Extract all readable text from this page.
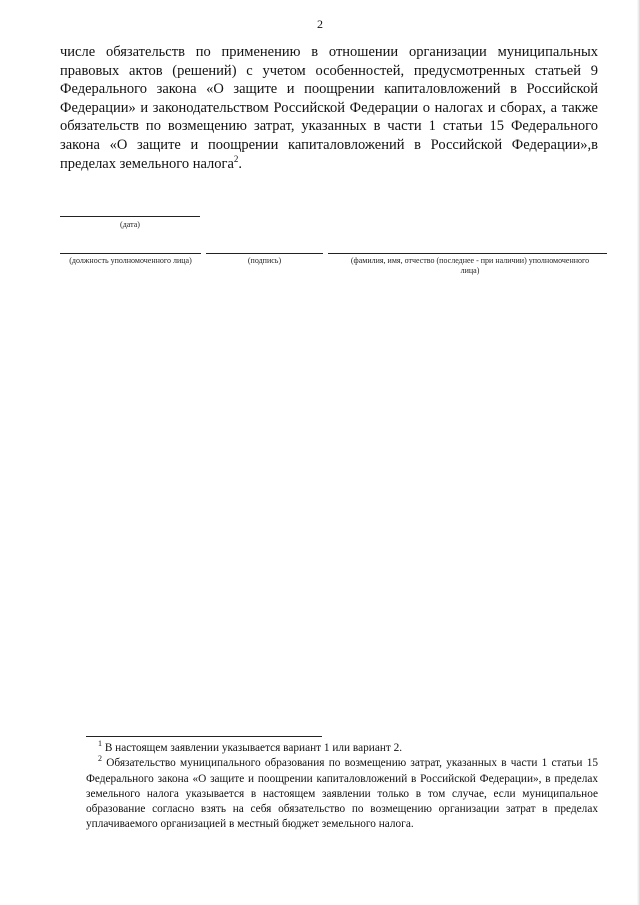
2
числе обязательств по применению в отношении организации муниципальных правовых актов (решений) с учетом особенностей, предусмотренных статьей 9 Федерального закона «О защите и поощрении капиталовложений в Российской Федерации» и законодательством Российской Федерации о налогах и сборах, а также обязательств по возмещению затрат, указанных в части 1 статьи 15 Федерального закона «О защите и поощрении капиталовложений в Российской Федерации»,в пределах земельного налога$^2$.
(дата)
(должность уполномоченного лица)	(подпись)	(фамилия, имя, отчество (последнее - при наличии) уполномоченного лица)

$^1$ В настоящем заявлении указывается вариант 1 или вариант 2.

$^2$ Обязательство муниципального образования по возмещению затрат, указанных в части 1 статьи 15 Федерального закона «О защите и поощрении капиталовложений в Российской Федерации», в пределах земельного налога указывается в настоящем заявлении только в том случае, если муниципальное образование согласно взять на себя обязательство по возмещению организации затрат в пределах уплачиваемого организацией в местный бюджет земельного налога.
